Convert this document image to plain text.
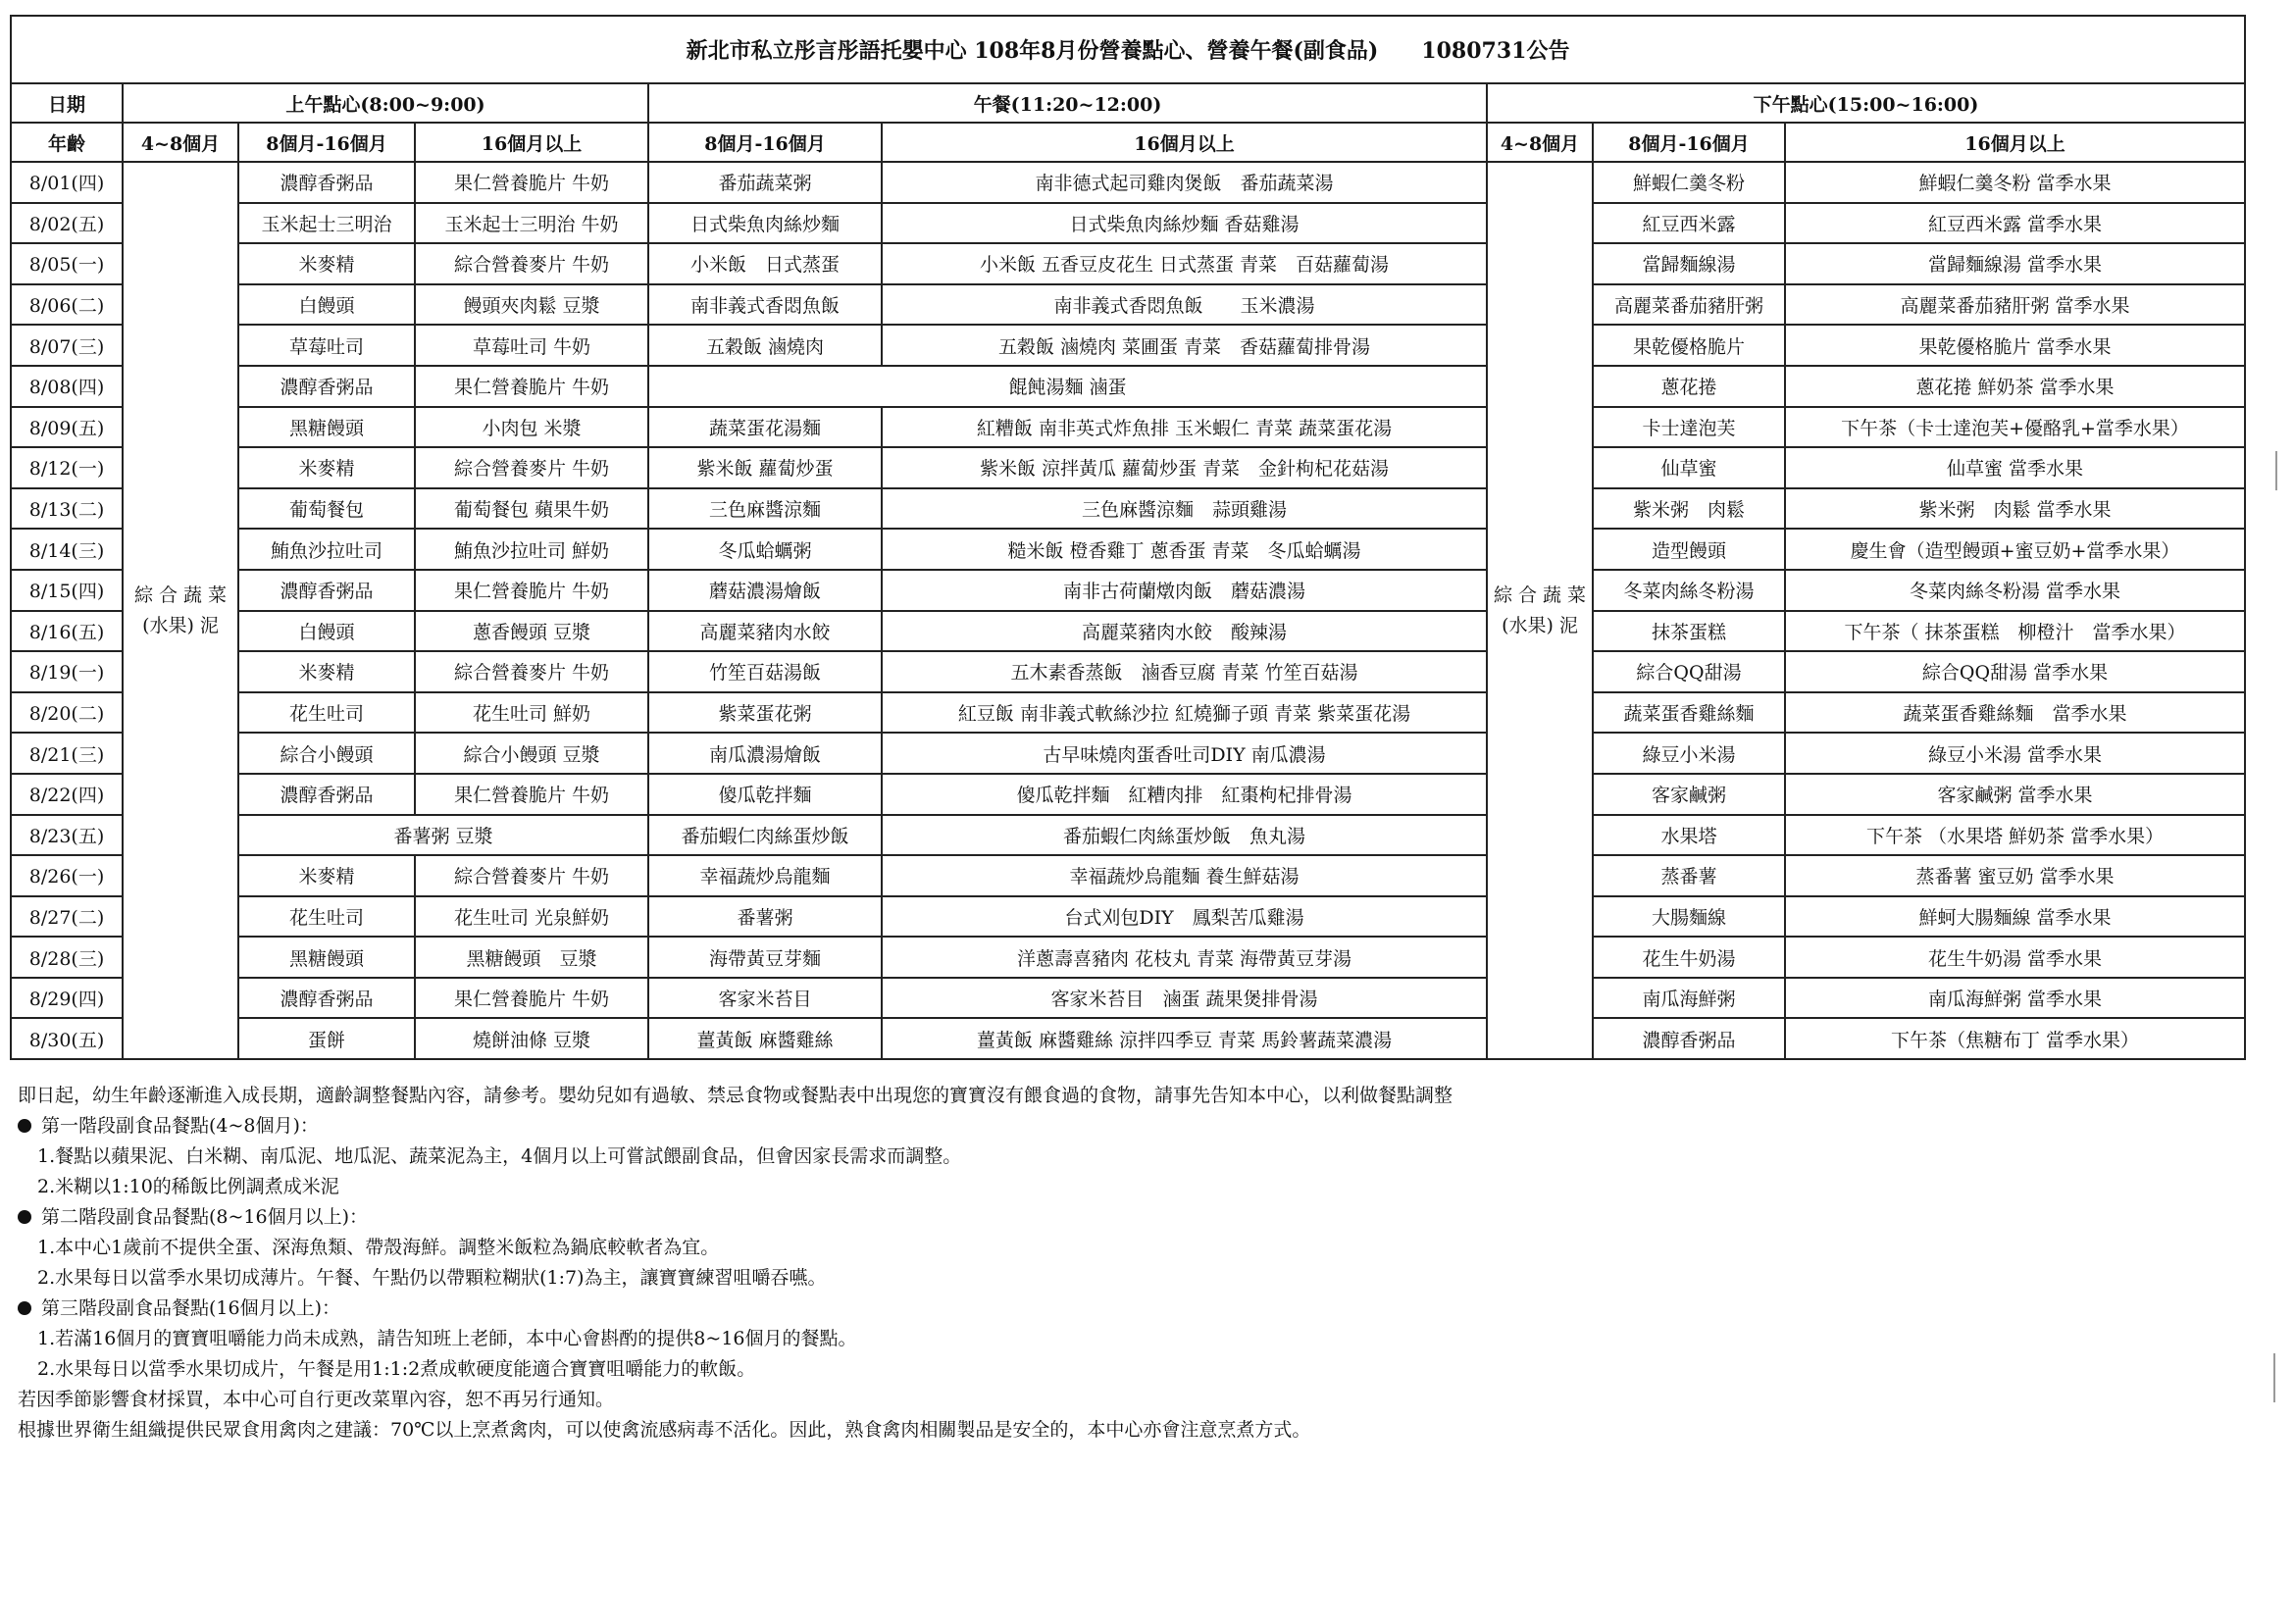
新北市私立彤言彤語托嬰中心 108年8月份營養點心、營養午餐(副食品)　　1080731公告								
日期	上午點心(8:00~9:00)			午餐(11:20~12:00)		下午點心(15:00~16:00)		
年齡	4~8個月	8個月-16個月	16個月以上	8個月-16個月	16個月以上	4~8個月	8個月-16個月	16個月以上
8/01(四)	綜 合 蔬 菜 (水果) 泥	濃醇香粥品	果仁營養脆片 牛奶	番茄蔬菜粥	南非德式起司雞肉煲飯　番茄蔬菜湯	綜 合 蔬 菜 (水果) 泥	鮮蝦仁羹冬粉	鮮蝦仁羹冬粉 當季水果
8/02(五)		玉米起士三明治	玉米起士三明治 牛奶	日式柴魚肉絲炒麵	日式柴魚肉絲炒麵 香菇雞湯		紅豆西米露	紅豆西米露 當季水果
8/05(一)		米麥精	綜合營養麥片 牛奶	小米飯　日式蒸蛋	小米飯 五香豆皮花生 日式蒸蛋 青菜　百菇蘿蔔湯		當歸麵線湯	當歸麵線湯 當季水果
8/06(二)		白饅頭	饅頭夾肉鬆 豆漿	南非義式香悶魚飯	南非義式香悶魚飯　　玉米濃湯		高麗菜番茄豬肝粥	高麗菜番茄豬肝粥 當季水果
8/07(三)		草莓吐司	草莓吐司 牛奶	五穀飯 滷燒肉	五穀飯 滷燒肉 菜圃蛋 青菜　香菇蘿蔔排骨湯		果乾優格脆片	果乾優格脆片 當季水果
8/08(四)		濃醇香粥品	果仁營養脆片 牛奶	餛飩湯麵 滷蛋			蔥花捲	蔥花捲 鮮奶茶 當季水果
8/09(五)		黑糖饅頭	小肉包 米漿	蔬菜蛋花湯麵	紅糟飯 南非英式炸魚排 玉米蝦仁 青菜 蔬菜蛋花湯		卡士達泡芙	下午茶（卡士達泡芙+優酪乳+當季水果）
8/12(一)		米麥精	綜合營養麥片 牛奶	紫米飯 蘿蔔炒蛋	紫米飯 涼拌黃瓜 蘿蔔炒蛋 青菜　金針枸杞花菇湯		仙草蜜	仙草蜜 當季水果
8/13(二)		葡萄餐包	葡萄餐包 蘋果牛奶	三色麻醬涼麵	三色麻醬涼麵　蒜頭雞湯		紫米粥　肉鬆	紫米粥　肉鬆 當季水果
8/14(三)		鮪魚沙拉吐司	鮪魚沙拉吐司 鮮奶	冬瓜蛤蠣粥	糙米飯 橙香雞丁 蔥香蛋 青菜　冬瓜蛤蠣湯		造型饅頭	慶生會（造型饅頭+蜜豆奶+當季水果）
8/15(四)		濃醇香粥品	果仁營養脆片 牛奶	蘑菇濃湯燴飯	南非古荷蘭燉肉飯　蘑菇濃湯		冬菜肉絲冬粉湯	冬菜肉絲冬粉湯 當季水果
8/16(五)		白饅頭	蔥香饅頭 豆漿	高麗菜豬肉水餃	高麗菜豬肉水餃　酸辣湯		抹茶蛋糕	下午茶（ 抹茶蛋糕　柳橙汁　當季水果）
8/19(一)		米麥精	綜合營養麥片 牛奶	竹笙百菇湯飯	五木素香蒸飯　滷香豆腐 青菜 竹笙百菇湯		綜合QQ甜湯	綜合QQ甜湯 當季水果
8/20(二)		花生吐司	花生吐司 鮮奶	紫菜蛋花粥	紅豆飯 南非義式軟絲沙拉 紅燒獅子頭 青菜 紫菜蛋花湯		蔬菜蛋香雞絲麵	蔬菜蛋香雞絲麵　當季水果
8/21(三)		綜合小饅頭	綜合小饅頭 豆漿	南瓜濃湯燴飯	古早味燒肉蛋香吐司DIY 南瓜濃湯		綠豆小米湯	綠豆小米湯 當季水果
8/22(四)		濃醇香粥品	果仁營養脆片 牛奶	傻瓜乾拌麵	傻瓜乾拌麵　紅糟肉排　紅棗枸杞排骨湯		客家鹹粥	客家鹹粥 當季水果
8/23(五)		番薯粥 豆漿		番茄蝦仁肉絲蛋炒飯	番茄蝦仁肉絲蛋炒飯　魚丸湯		水果塔	下午茶 （水果塔 鮮奶茶 當季水果）
8/26(一)		米麥精	綜合營養麥片 牛奶	幸福蔬炒烏龍麵	幸福蔬炒烏龍麵 養生鮮菇湯		蒸番薯	蒸番薯 蜜豆奶 當季水果
8/27(二)		花生吐司	花生吐司 光泉鮮奶	番薯粥	台式刈包DIY　鳳梨苦瓜雞湯		大腸麵線	鮮蚵大腸麵線 當季水果
8/28(三)		黑糖饅頭	黑糖饅頭　豆漿	海帶黃豆芽麵	洋蔥壽喜豬肉 花枝丸 青菜 海帶黃豆芽湯		花生牛奶湯	花生牛奶湯 當季水果
8/29(四)		濃醇香粥品	果仁營養脆片 牛奶	客家米苔目	客家米苔目　滷蛋 蔬果煲排骨湯		南瓜海鮮粥	南瓜海鮮粥 當季水果
8/30(五)		蛋餅	燒餅油條 豆漿	薑黃飯 麻醬雞絲	薑黃飯 麻醬雞絲 涼拌四季豆 青菜 馬鈴薯蔬菜濃湯		濃醇香粥品	下午茶（焦糖布丁 當季水果）
即日起，幼生年齡逐漸進入成長期，適齡調整餐點內容，請參考。嬰幼兒如有過敏、禁忌食物或餐點表中出現您的寶寶沒有餵食過的食物，請事先告知本中心，以利做餐點調整
第一階段副食品餐點(4~8個月)：
1.餐點以蘋果泥、白米糊、南瓜泥、地瓜泥、蔬菜泥為主，4個月以上可嘗試餵副食品，但會因家長需求而調整。
2.米糊以1:10的稀飯比例調煮成米泥
第二階段副食品餐點(8~16個月以上)：
1.本中心1歲前不提供全蛋、深海魚類、帶殼海鮮。調整米飯粒為鍋底較軟者為宜。
2.水果每日以當季水果切成薄片。午餐、午點仍以帶顆粒糊狀(1:7)為主，讓寶寶練習咀嚼吞嚥。
第三階段副食品餐點(16個月以上)：
1.若滿16個月的寶寶咀嚼能力尚未成熟，請告知班上老師，本中心會斟酌的提供8~16個月的餐點。
2.水果每日以當季水果切成片，午餐是用1:1:2煮成軟硬度能適合寶寶咀嚼能力的軟飯。
若因季節影響食材採買，本中心可自行更改菜單內容，恕不再另行通知。
根據世界衛生組織提供民眾食用禽肉之建議：70℃以上烹煮禽肉，可以使禽流感病毒不活化。因此，熟食禽肉相關製品是安全的，本中心亦會注意烹煮方式。
